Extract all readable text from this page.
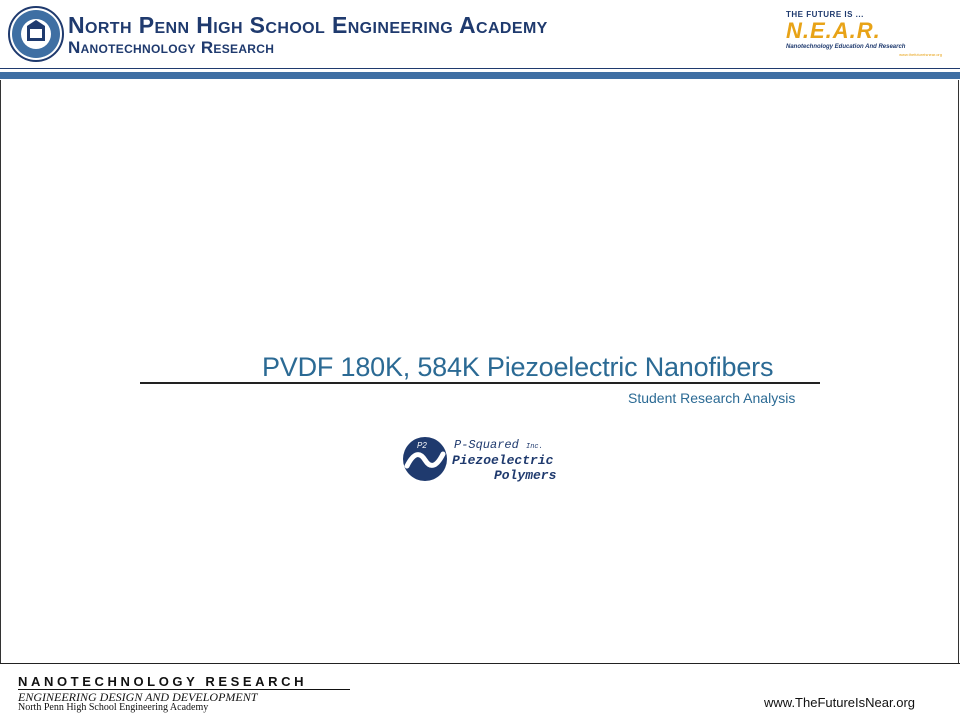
North Penn High School Engineering Academy
Nanotechnology Research
THE FUTURE IS ...
N.E.A.R.
Nanotechnology Education And Research
www.thefutureisnear.org
PVDF 180K, 584K Piezoelectric Nanofibers
Student Research Analysis
P2 P-Squared Inc.
Piezoelectric
Polymers
NANOTECHNOLOGY RESEARCH
ENGINEERING DESIGN AND DEVELOPMENT
North Penn High School Engineering Academy	www.TheFutureIsNear.org
